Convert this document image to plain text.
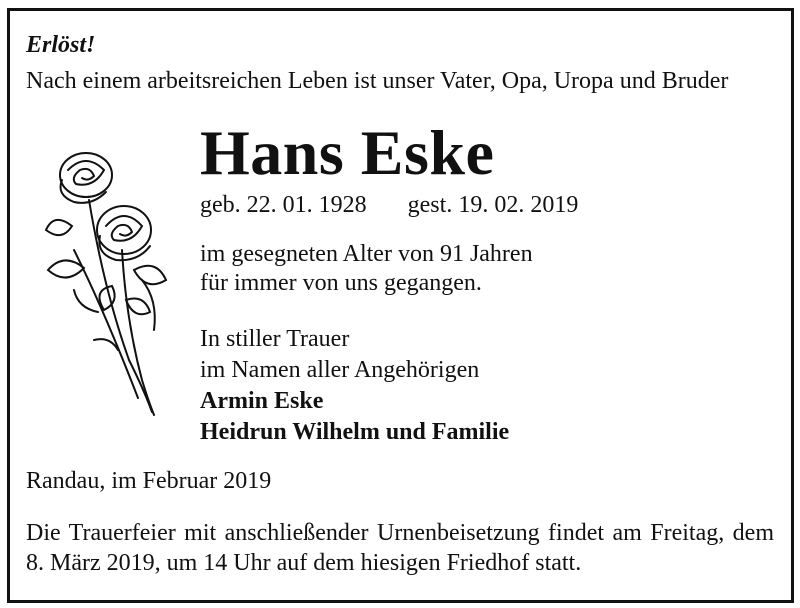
Erlöst!
Nach einem arbeitsreichen Leben ist unser Vater, Opa, Uropa und Bruder
Hans Eske
geb. 22. 01. 1928 gest. 19. 02. 2019
im gesegneten Alter von 91 Jahren
für immer von uns gegangen.
In stiller Trauer
im Namen aller Angehörigen
Armin Eske
Heidrun Wilhelm und Familie
Randau, im Februar 2019
Die Trauerfeier mit anschließender Urnenbeisetzung findet am Freitag, dem 8. März 2019, um 14 Uhr auf dem hiesigen Friedhof statt.
